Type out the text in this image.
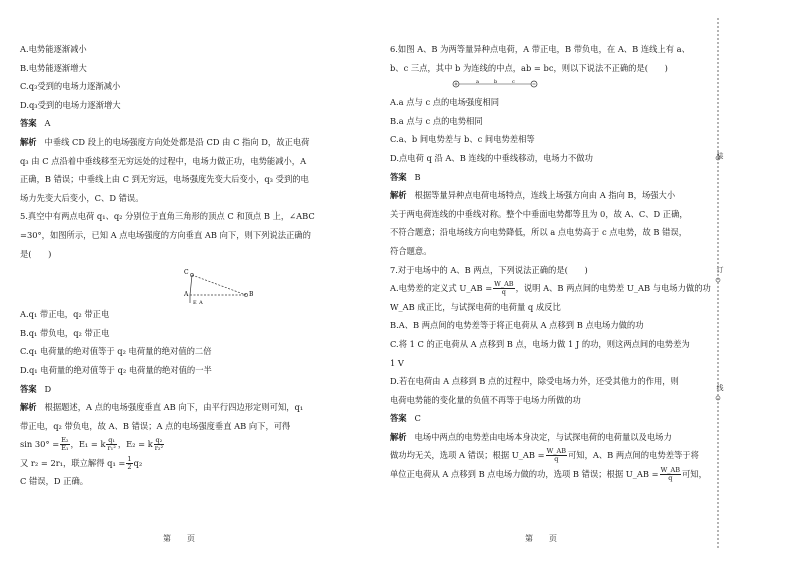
A.电势能逐渐减小
B.电势能逐渐增大
C.q₃受到的电场力逐渐减小
D.q₃受到的电场力逐渐增大
答案 A
解析 中垂线 CD 段上的电场强度方向处处都是沿 CD 由 C 指向 D，故正电荷
q₃ 由 C 点沿着中垂线移至无穷远处的过程中，电场力做正功，电势能减小，A
正确，B 错误；中垂线上由 C 到无穷远，电场强度先变大后变小，q₃ 受到的电
场力先变大后变小，C、D 错误。
5.真空中有两点电荷 q₁、q₂ 分别位于直角三角形的顶点 C 和顶点 B 上，∠ABC
=30°，如图所示，已知 A 点电场强度的方向垂直 AB 向下，则下列说法正确的
是(　　)
C
A	B
E_A
A.q₁ 带正电，q₂ 带正电
B.q₁ 带负电，q₂ 带正电
C.q₁ 电荷量的绝对值等于 q₂ 电荷量的绝对值的二倍
D.q₁ 电荷量的绝对值等于 q₂ 电荷量的绝对值的一半
答案 D
解析 根据题述，A 点的电场强度垂直 AB 向下，由平行四边形定则可知，q₁
带正电，q₂ 带负电，故 A、B 错误；A 点的电场强度垂直 AB 向下，可得
$\sin 30^\circ = \frac{\text{E₂}}{\text{E₁}}$ ，E₁ = k $\frac{\text{q₁}}{\text{r₁²}}$ ，E₂ = k $\frac{\text{q₂}}{\text{r₂²}}$
又 r₂ = 2r₁，联立解得 $q_1 = \frac{1}{2} q_2$
C 错误，D 正确。
第　　页
6.如图 A、B 为两等量异种点电荷，A 带正电，B 带负电，在 A、B 连线上有 a、
b、c 三点，其中 b 为连线的中点，ab = bc，则以下说法不正确的是(　　)
a	b	c
A.a 点与 c 点的电场强度相同
B.a 点与 c 点的电势相同
C.a、b 间电势差与 b、c 间电势差相等
D.点电荷 q 沿 A、B 连线的中垂线移动，电场力不做功
答案 B
解析 根据等量异种点电荷电场特点，连线上场强方向由 A 指向 B，场强大小
关于两电荷连线的中垂线对称。整个中垂面电势都等且为 0，故 A、C、D 正确，
不符合题意；沿电场线方向电势降低，所以 a 点电势高于 c 点电势，故 B 错误，
符合题意。
7.对于电场中的 A、B 两点，下列说法正确的是(　　)
A.电势差的定义式 U_AB = $\frac{W\_AB}{q}$ ，说明 A、B 两点间的电势差 U_AB 与电场力做的功
W_AB 成正比，与试探电荷的电荷量 q 成反比
B.A、B 两点间的电势差等于将正电荷从 A 点移到 B 点电场力做的功
C.将 1 C 的正电荷从 A 点移到 B 点，电场力做 1 J 的功，则这两点间的电势差为
1 V
D.若在电荷由 A 点移到 B 点的过程中，除受电场力外，还受其他力的作用，则
电荷电势能的变化量的负值不再等于电场力所做的功
答案 C
解析 电场中两点的电势差由电场本身决定，与试探电荷的电荷量以及电场力
做功均无关，选项 A 错误；根据 U_AB = $\frac{W\_AB}{q}$ 可知，A、B 两点间的电势差等于将
单位正电荷从 A 点移到 B 点电场力做的功，选项 B 错误；根据 U_AB = $\frac{W\_AB}{q}$ 可知，
第　　页
装
订
线
